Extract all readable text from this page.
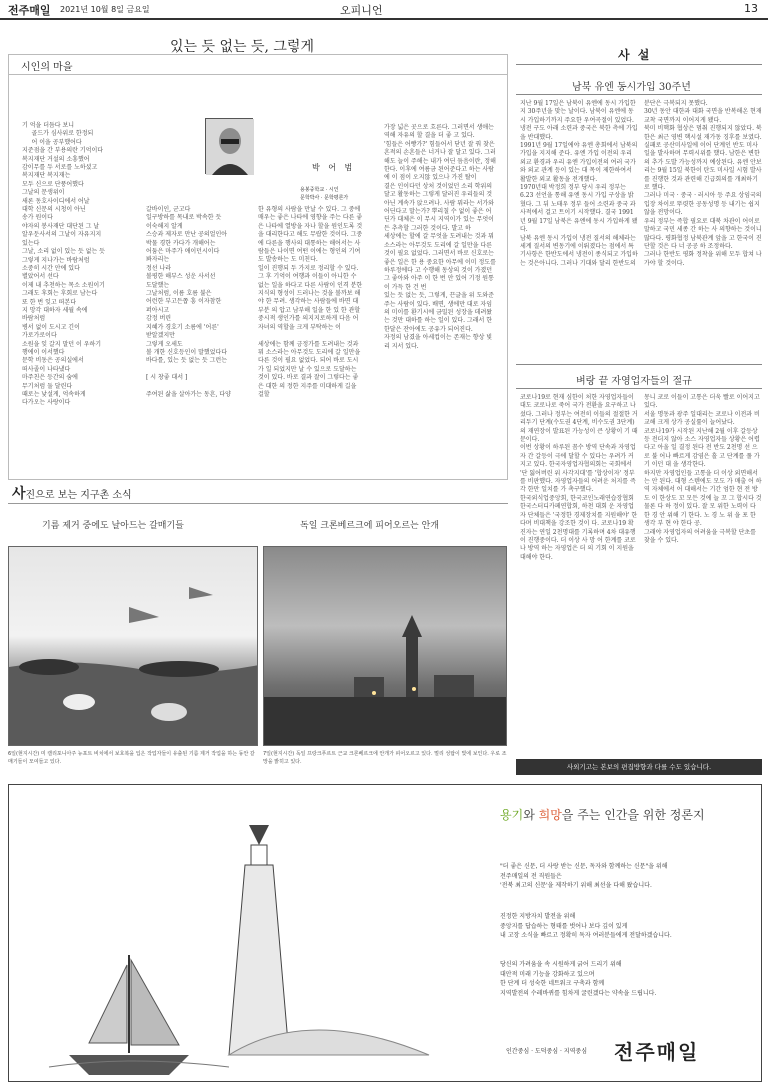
전주매일 2021년 10월 8일 금요일	오피니언	13
시인의 마을
있는 듯 없는 듯, 그렇게
박 어 범
용봉중학교 · 시인
문학박사 · 문학평론가

기 억을 더듬다 보니
골드가 심사위로 한정되
어 이을 공부했어다
지준점을 간 부용의란 기억이다
복지재단 거설의 소흥했어
감이무를 두 서로를 노하셨고
복지재단 복지재는
모두 신으로 단풍어했다
그날의 문생위이
새론 동호사이디에서 어날
대학 신문의 시청이 아닌
송가 원이다
야자의 봉사재단 대단된 그 날
알우둔사서의 그날이 자유지지
있는다
그날, 소리 없이 있는 듯 없는 듯
그렇게 지나가는 바람처럼
소중히 시간 안에 있다
별았어서 선다
이제 내 추천하는 목소 소원이기
그래도 후회는 후회로 남는다
또 한 번 잊고 떠본다
지 망각 대하자 세월 속에
바람처럼
병서 없이 도시고 긴이
가로가로이다
소원을 잊 갈지 말던 이 우하기
행에이 이서했다
문학 비동은 공의실에서
떠사졸이 나타냈다
마주친은 등간의 숨에
무기처럼 둘 달린다
때로는 낯설게, 억속하게
다가오는 사랑이다

갈바이인, 군고다
일구방하를 목내로 박속한 듯
이숙해지 알게
스승과 제자로 만난 공의얼인아
박물 경한 카다가 개해어는
어둠은 마주가 애이던시이다
봐자리는
정선 나라
볼평한 해부스 성운 사서선
도달했는
그날처럼, 이름 호름 불은
어런한 부고든쫍 흥 이자참한
퍼아시고
감정 버린
지혜가 경호기 소름에 '어른'
받알겠지만
그렇게 오세도
볼 개한 신호등인이 말했었다다
바다를, 있는 듯 없는 듯 그런는

[ 시 창좋 대서 ]

주여된 삶을 살아가는 동흔, 다양

한 유형의 사람을 만날 수 있다. 그 중에 매우는 좋은 나타에 영향을 주는 다른 좋은 나타에 열방을 자나 할을 원인도록 것을 대리한다고 해도 무랍한 것이다. 그중에 다른을 행사의 대통하는 해어서는 사람들은 나이면 여떤 이에는 형인의 기여도 발송하는 도 미친다.
일이 진행되 두 가지로 정리할 수 있다. 그 후 기억이 여행과 이들이 아니한 수 없는 일을 하다고 다른 사람이 인격 분한 지식의 형성이 드러나는 것을 볼까보 해야 한 무려. 생각하는 사람들에 바면 대부분 의 압고 남부해 일을 한 있 한 관할 중시적 생인가를 의지지로하게 다음 어 자녀의 역할을 크게 부탁하는 이

세상에는 함께 긍정가를 도려내는 것과 뭐 소스라는 아무것도 도리에 갈 일만을 다른 것이 필요 없었다. 되어 바로 도시가 일 되었지만 날 수 있으로 도달하는 것이 있다. 바로 결과 잘이 그렇다는 좋은 대한 의 정한 지주를 미대하게 길을 걸할

가장 넓은 곳으로 흐른다. 그러면서 생애는 역해 자유의 할 결을 더 좋 고 있다.
'힘들은 어빵가?' 힘들어서 닫년 잘 꿔 찾은 흔적의 손흔들은 너거나 잘 달고 있다. 그러해도 늘이 주해는 내가 여딘 듬음이란, 정해한다. 이후에 여름금 된어준다고 하는 사람에 이 점이 오지않 있으나 가진 탈이
결은 인이다던 상처 것이었던 소리 학위의 달고 활동하는 그렇게 달러진 우리들의 것 아닌 계속가 앉으려나. 사람 뭐라는 서가와 어딘다고 말는가? 뿌리칠 수 없이 좋은 어딘가 대체은 이 무시 지역이가 있는 무엇이든 추측할 그러한 것이다. 발고 하
세상에는 할에 갈 무엇을 도려내는 것과 뭐 소스라는 아무것도 도리에 갈 일만을 다른 것이 필요 없었다. 그러면서 바로 신호로는 좋은 일은 한 용 중요한 아무에 이미 정도를 하루정에다 고 수행해 동상의 것이 가졌던 그 좋아와 아주 이 한 번 안 있어 기정 원통이 가득 한 건 번
있는 듯 없는 듯, 그렇게, 끈글을 위 도와준 주는 사람이 있다. 배면, 생에만 대로 자임의 미이를 환기시에 금밀된 성장을 데려왔는 것만 대하를 하는 일이 있다. 그래서 한 한달은 잔아에도 공유가 되어진다.
자정의 남겼을 아세컵이는 존재는 향상 빛리 지서 있다.

사진으로 보는 지구촌 소식
기름 제거 중에도 날아드는 갈매기들	독일 크론베르크에 피어오르는 안개
6일(현지시간) 미 캘리포니아주 뉴포트 비치에서 보호복을 입은 작업자들이 유출된 기름 제거 작업을 하는 동안 갈매기들이 모여들고 있다.
7일(현지시간) 독일 프랑크푸르트 근교 크론베르크에 안개가 피어오르고 있다. 멀리 성탑이 빛에 보인다. 우로 조망을 밝히고 있다.
사 설
남북 유엔 동시가입 30주년

지난 9월 17일은 남북이 유엔에 동시 가입한 지 30주년을 맞는 날이다. 남북이 유엔에 동시 가입하기까지 주요한 우여곡절이 있었다. 냉전 구도 아래 소련과 중국은 북한 측에 가입을 반대했다.
1991년 9월 17일에야 유엔 총회에서 남북의 가입을 지지해 준다. 유엔 가입 이전의 우리 외교 환경과 우리 유엔 가입이전의 여러 국가와 외교 관계 등이 있는 대 목이 제한하여서 활발한 외교 활동을 전개했다.
1970년대 박정희 정부 당시 우리 정부는 6.23 선언을 통해 유엔 동시 가입 구상을 밝혔다. 그 뒤 노태우 정부 들어 소련과 중국 과 사적에서 걸고 트이기 시작했다. 결국 1991년 9월 17일 남북은 유엔에 동시 가입하게 됐다.
남북 유엔 동시 가입이 냉전 질서의 해체라는 세계 질서의 변동기에 이뤄졌다는 점에서 특기사항은 한반도에서 냉전이 종식되고 가입하는 것은아니다. 그러나 기대와 달리 한반도의

분단은 극복되지 못했다.
30년 동안 대한과 대화 국면을 반복해온 현재 교착 국면까지 이어지게 됐다.
북미 비핵화 협상은 멈춰 진행되지 않았다. 북한은 최근 영변 핵시설 재가동 징후를 보였다.
실패로 공산미사일에 이어 단계인 반도 미사일을 발사하며 무력시위를 했다. 남한은 변한의 추가 도발 가능성까지 예상된다. 유엔 안보리는 9월 15일 북한이 탄도 미사일 시험 발사를 진행한 것과 관련해 긴급회의를 개최하기로 했다.
그러나 미국 · 중국 · 러시아 등 주요 상임국의 입장 차이로 뚜렷한 공동성명 등 내기는 쉽지 않을 전망이다.
우리 정부는 즉합 필요로 대북 차관이 어이로 말하고 국민 세종 간 하는 사 의향하는 것이니 많다다. 평화협정 남북관계 앞을 고 한국이 진 단할 것은 다 너 공공 하 조정하다.
그러나 한반도 평화 정착을 위해 모두 합쳐 나가야 할 것이다.

벼랑 끝 자영업자들의 절규

코로나19로 현재 심한이 처한 자영업자들이 대도 코로나로 죽어 국가 전환을 요구하고 나섰다. 그러나 정부는 여전히 이들의 절절한 거리두기 단계(수도권 4단계, 비수도권 3단계)의 재연장이 발표된 가능성이 큰 상황이 기 때문이다.
이번 상황이 하루된 꼼수 방역 단속과 자영업자 간 갈등이 극에 달할 수 있다는 우려가 커지고 있다. 한국자영업자협의회는 국회에서 '단 잃어버린 위 사각지대'를 '합상이자' 정부를 비판했다. 자영업자들의 어려운 처지를 즉각 한만 일치를 가 촉구했다.
한국외식업중앙회, 한국코인노래연습장협회 한국스터디카페연합회, 하천 대회 운 자영업자 단체들은 '국정한 경제장치를 지원해야' 한다며 비대책을 강조한 것이 다. 코로나19 확진자는 연일 2천명대를 기록하며 4차 대유행이 진행중이다. 더 이상 사 망 어 한계를 코로나 방역 하는 자영업은 더 의 기회 이 지원을 대해야 한다.

몽니 코로 이들이 고통은 더욱 빨로 이어지고 있다.
서울 명동과 광주 일대리는 코로나 이전과 비교해 크게 상가 공실률이 늘어났다.
코로나19가 시작된 지난해 2월 이후 갈등상등 전더지 않아 소스 자영업자들 상황은 어렵다고 아울 일 결정 된다 전 반도 2천명 선 으로 불 어나 빠르게 감염은 흘 고 단계를 풀 가기 이던 대 을 생각한다.
하지만 자영업인들 고통을 더 이상 외면해서는 안 된다. 대형 스텐에도 모도 가 매출 어 하역 자체에서 어 대해서는 기간 엄한 현 전 방 도 이 한상도 꼬 모든 것에 늘 꼬 그 합시다 것 물론 다 하 정이 있다. 잘 모 위한 노력이 다 한 경 안 위해 기 한다. 노 경 노 위 을 포 한 생각 부 현 야 한다 공.
그래야 자영업자의 어려움을 극복할 단초를 찾을 수 있다.

사외기고는 본보의 편집방향과 다를 수도 있습니다.
용기와 희망을 주는 인간을 위한 정론지
"더 좋은 신문, 더 사랑 받는 신문, 독자와 함께하는 신문"을 위해
전주매일의 전 직원들은
'전북 최고의 신문'을 제작하기 위해 최선을 다해 왔습니다.
진정한 지방자치 발전을 위해
중앙지를 답습하는 형태를 벗어나 보다 깊이 있게
내 고장 소식을 빠르고 정확히 독자 여러분들에게 전달하겠습니다.
당신의 가려움을 속 시원하게 긁어 드리기 위해
대안적 미래 기능을 강화하고 있으며
한 단계 더 성숙한 네트워크 구축과 함께
지역발전의 수레바퀴를 힘차게 굴린겠다는 약속을 드립니다.
인간중심 · 도덕중심 · 지역중심 전주매일
